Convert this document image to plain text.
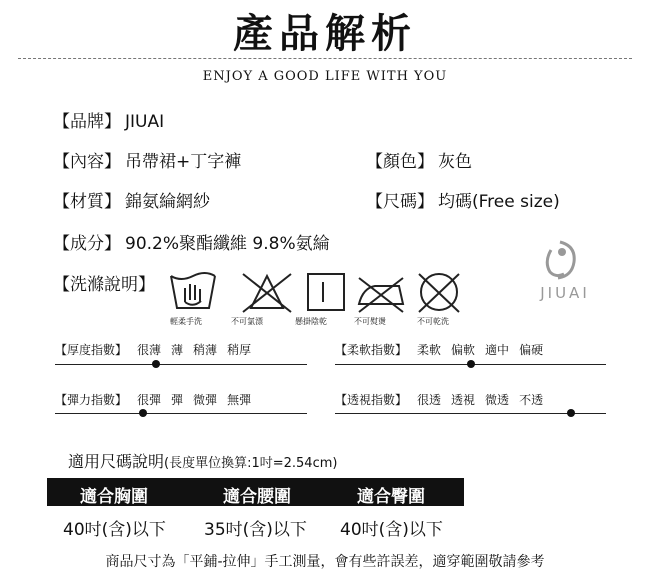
產品解析
ENJOY A GOOD LIFE WITH YOU
【品牌】 JIUAI
【內容】 吊帶裙+丁字褲	【顏色】 灰色
【材質】 錦氨綸網紗	【尺碼】 均碼(Free size)
【成分】 90.2%聚酯纖維 9.8%氨綸
【洗滌說明】
輕柔手洗	不可氯漂	懸掛陰乾	不可熨燙	不可乾洗
JIUAI
【厚度指數】 很薄 薄 稍薄 稍厚	【柔軟指數】 柔軟 偏軟 適中 偏硬
【彈力指數】 很彈 彈 微彈 無彈	【透視指數】 很透 透視 微透 不透
適用尺碼說明(長度單位換算:1吋=2.54cm)
適合胸圍	適合腰圍	適合臀圍
40吋(含)以下 35吋(含)以下 40吋(含)以下
商品尺寸為「平鋪-拉伸」手工測量，會有些許誤差，適穿範圍敬請參考
